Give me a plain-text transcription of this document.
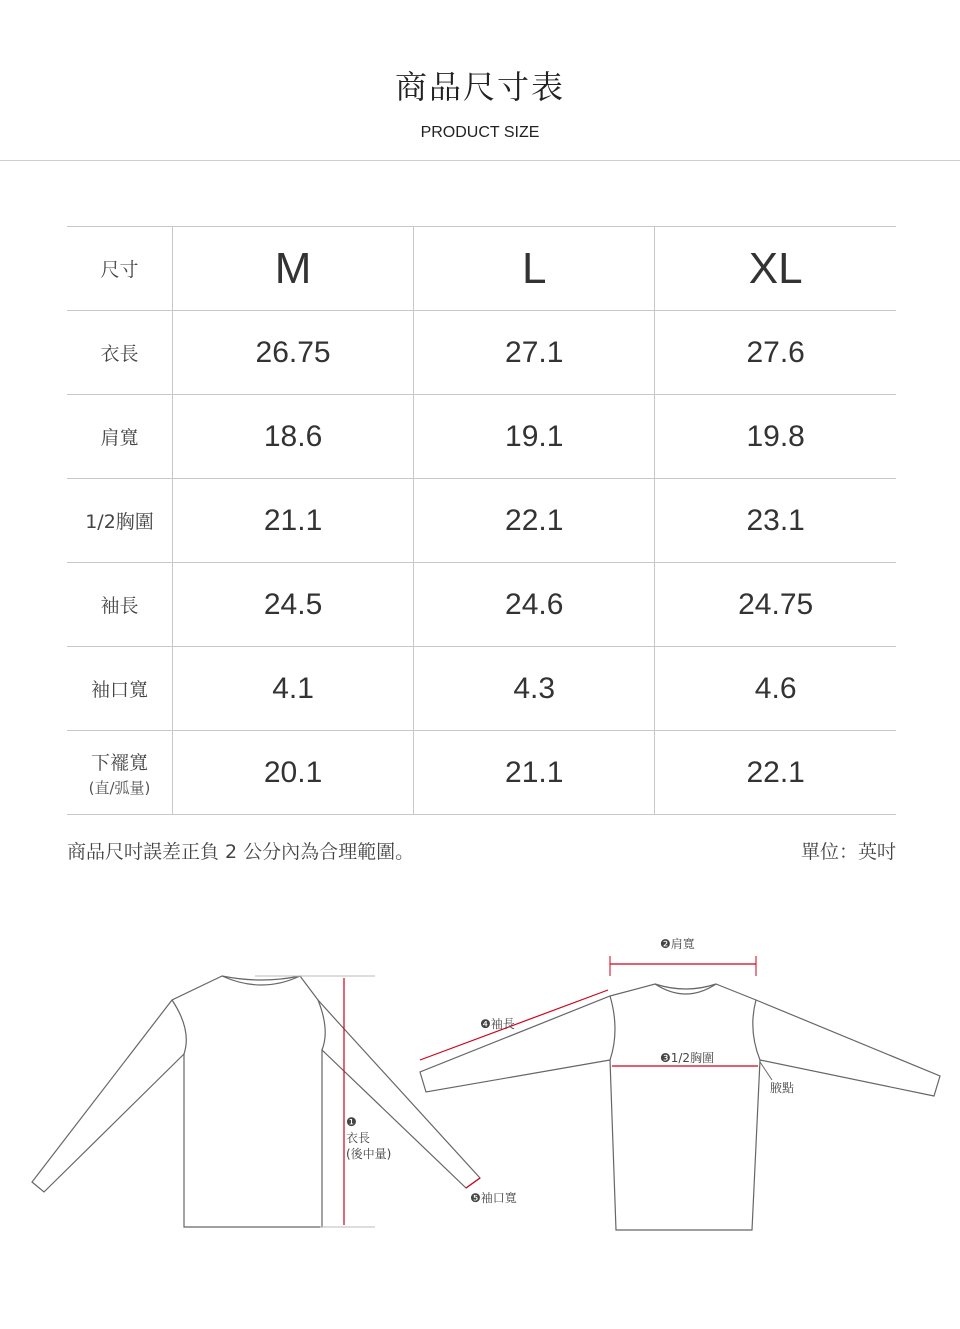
商品尺寸表
PRODUCT SIZE
尺寸	M	L	XL
衣長	26.75	27.1	27.6
肩寬	18.6	19.1	19.8
1/2胸圍	21.1	22.1	23.1
袖長	24.5	24.6	24.75
袖口寬	4.1	4.3	4.6
下襬寬
(直/弧量)	20.1	21.1	22.1
商品尺吋誤差正負 2 公分內為合理範圍。	單位：英吋
❶
衣長
(後中量)
❺袖口寬
❷肩寬
❹袖長
❸1/2胸圍
腋點
